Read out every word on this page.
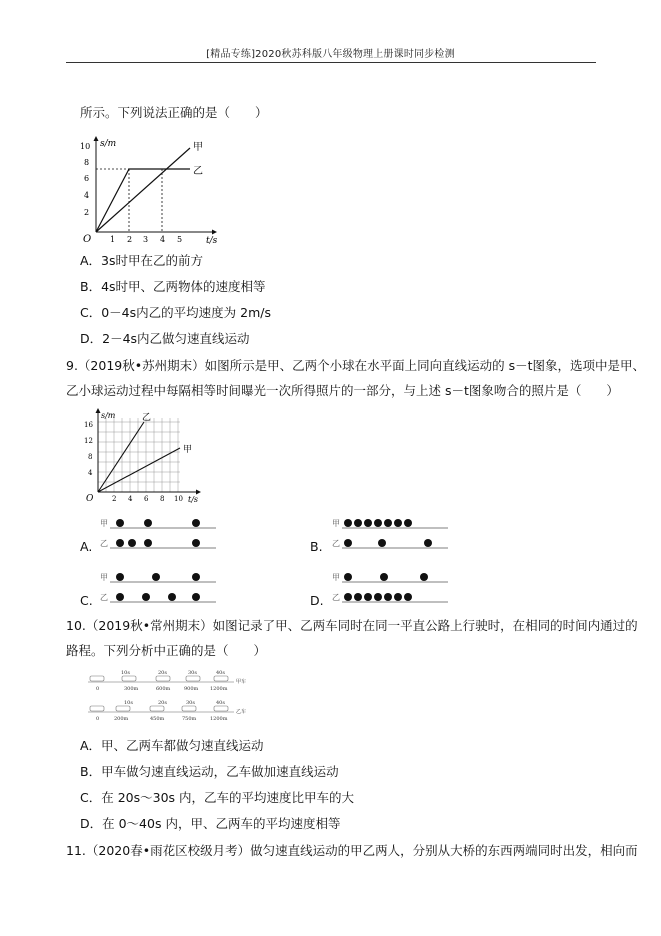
[精品专练]2020秋苏科版八年级物理上册课时同步检测
所示。下列说法正确的是（　　）
s/m
t/s
O
2
4
6
8
10
1 2 3 4 5
甲
乙
A．3s时甲在乙的前方
B．4s时甲、乙两物体的速度相等
C．0－4s内乙的平均速度为 2m/s
D．2－4s内乙做匀速直线运动
9.（2019秋•苏州期末）如图所示是甲、乙两个小球在水平面上同向直线运动的 s－t图象，选项中是甲、
乙小球运动过程中每隔相等时间曝光一次所得照片的一部分，与上述 s－t图象吻合的照片是（　　）
s/m
t/s
O
4
8
12
16
2 4 6 8 10
乙
甲
A.
甲
乙	B.
甲
乙
C.
甲
乙	D.
甲
乙
10.（2019秋•常州期末）如图记录了甲、乙两车同时在同一平直公路上行驶时，在相同的时间内通过的
路程。下列分析中正确的是（　　）
10s	20s	30s	40s
甲车
0	300m	600m	900m 1200m
10s	20s	30s	40s
乙车
0	200m	450m	750m	1200m
A．甲、乙两车都做匀速直线运动
B．甲车做匀速直线运动，乙车做加速直线运动
C．在 20s～30s 内，乙车的平均速度比甲车的大
D．在 0～40s 内，甲、乙两车的平均速度相等
11.（2020春•雨花区校级月考）做匀速直线运动的甲乙两人，分别从大桥的东西两端同时出发，相向而
